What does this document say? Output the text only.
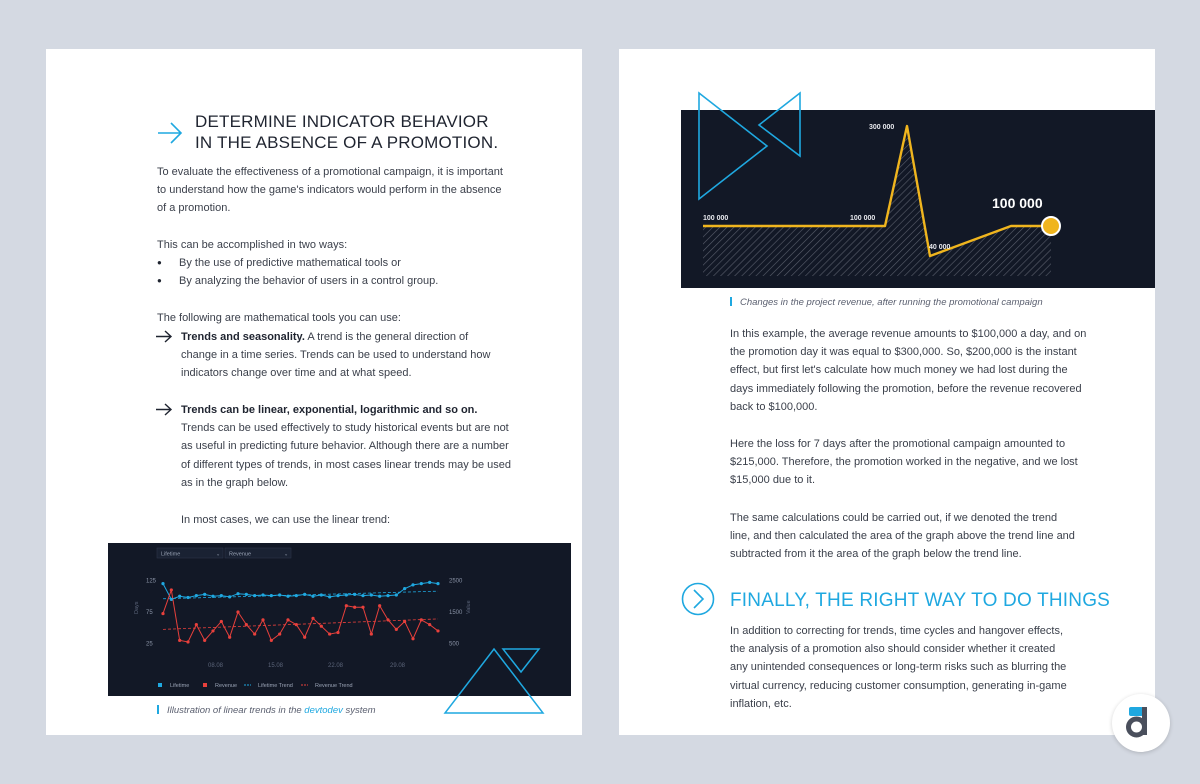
DETERMINE INDICATOR BEHAVIOR
IN THE ABSENCE OF A PROMOTION.
To evaluate the effectiveness of a promotional campaign, it is important
to understand how the game's indicators would perform in the absence
of a promotion.
This can be accomplished in two ways:
● By the use of predictive mathematical tools or
● By analyzing the behavior of users in a control group.
The following are mathematical tools you can use:
Trends and seasonality. A trend is the general direction of
change in a time series. Trends can be used to understand how
indicators change over time and at what speed.
Trends can be linear, exponential, logarithmic and so on.
Trends can be used effectively to study historical events but are not
as useful in predicting future behavior. Although there are a number
of different types of trends, in most cases linear trends may be used
as in the graph below.
In most cases, we can use the linear trend:
Lifetime	⌄ Revenue	⌄
125
75
25
2500
1500
500
Days	Value
08.08	15.08	22.08	29.08
Lifetime	Revenue	Lifetime Trend	Revenue Trend
Illustration of linear trends in the devtodev system
100 000	100 000
300 000
40 000
100 000
Changes in the project revenue, after running the promotional campaign
In this example, the average revenue amounts to $100,000 a day, and on
the promotion day it was equal to $300,000. So, $200,000 is the instant
effect, but first let's calculate how much money we had lost during the
days immediately following the promotion, before the revenue recovered
back to $100,000.
Here the loss for 7 days after the promotional campaign amounted to
$215,000. Therefore, the promotion worked in the negative, and we lost
$15,000 due to it.
The same calculations could be carried out, if we denoted the trend
line, and then calculated the area of the graph above the trend line and
subtracted from it the area of the graph below the trend line.
FINALLY, THE RIGHT WAY TO DO THINGS
In addition to correcting for trends, time cycles and hangover effects,
the analysis of a promotion also should consider whether it created
any unintended consequences or long-term risks such as blurring the
virtual currency, reducing customer consumption, generating in-game
inflation, etc.
